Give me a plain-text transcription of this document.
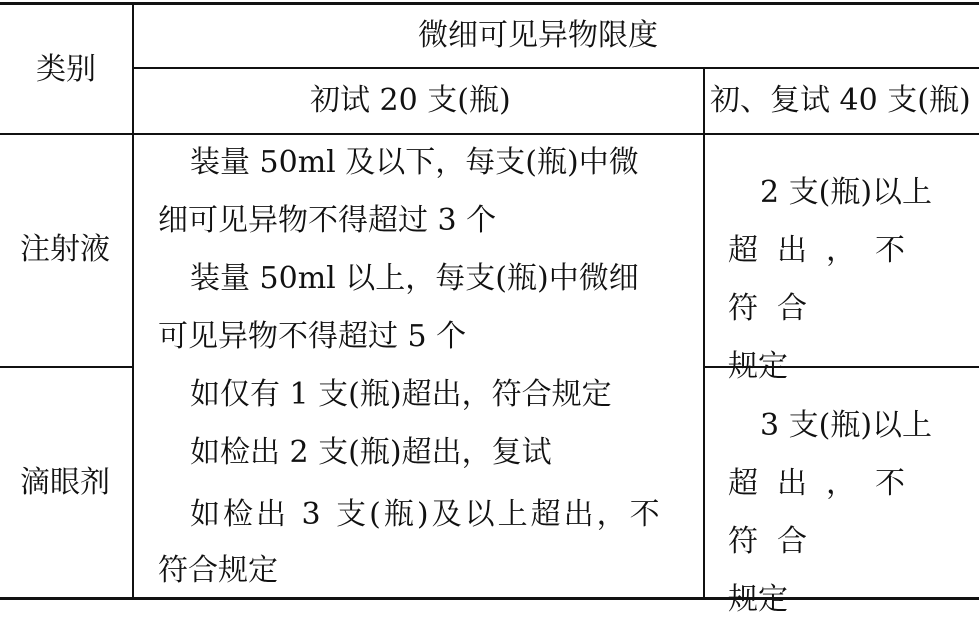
类别
微细可见异物限度
初试 20 支(瓶)	初、复试 40 支(瓶)
注射液
装量 50ml 及以下，每支(瓶)中微
细可见异物不得超过 3 个
装量 50ml 以上，每支(瓶)中微细
可见异物不得超过 5 个
2 支(瓶)以上
超出，不符合
规定
滴眼剂
如仅有 1 支(瓶)超出，符合规定
如检出 2 支(瓶)超出，复试
如检出 3 支(瓶)及以上超出，不
符合规定
3 支(瓶)以上
超出，不符合
规定
